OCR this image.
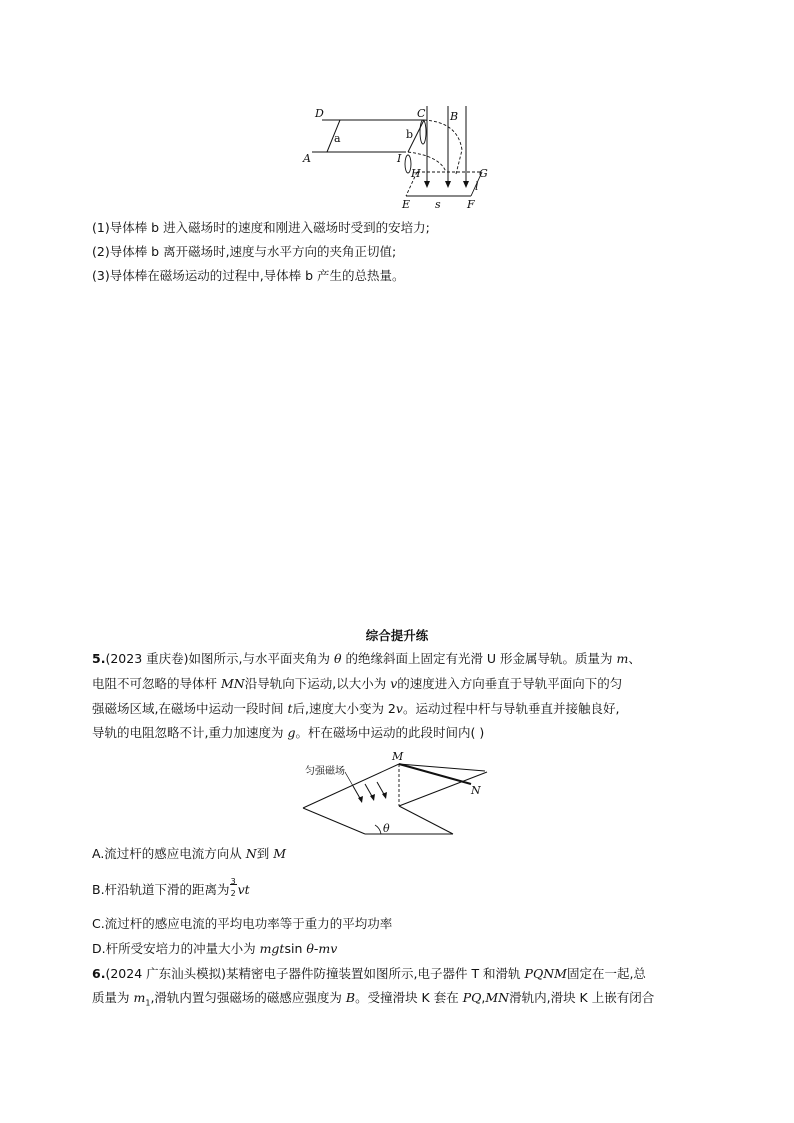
D
A
a
C B
b
I
H	G
l
E s F
(1)导体棒 b 进入磁场时的速度和刚进入磁场时受到的安培力;
(2)导体棒 b 离开磁场时,速度与水平方向的夹角正切值;
(3)导体棒在磁场运动的过程中,导体棒 b 产生的总热量。
综合提升练
5.(2023 重庆卷)如图所示,与水平面夹角为 θ 的绝缘斜面上固定有光滑 U 形金属导轨。质量为 m、
电阻不可忽略的导体杆 MN沿导轨向下运动,以大小为 v的速度进入方向垂直于导轨平面向下的匀
强磁场区域,在磁场中运动一段时间 t后,速度大小变为 2v。运动过程中杆与导轨垂直并接触良好,
导轨的电阻忽略不计,重力加速度为 g。杆在磁场中运动的此段时间内( )
匀强磁场
M
N
θ
A.流过杆的感应电流方向从 N到 M
B.杆沿轨道下滑的距离为
3
2 vt
C.流过杆的感应电流的平均电功率等于重力的平均功率
D.杆所受安培力的冲量大小为 mgtsin θ-mv
6.(2024 广东汕头模拟)某精密电子器件防撞装置如图所示,电子器件 T 和滑轨 PQNM固定在一起,总
质量为 $m_1$,滑轨内置匀强磁场的磁感应强度为 B。受撞滑块 K 套在 PQ,MN滑轨内,滑块 K 上嵌有闭合
